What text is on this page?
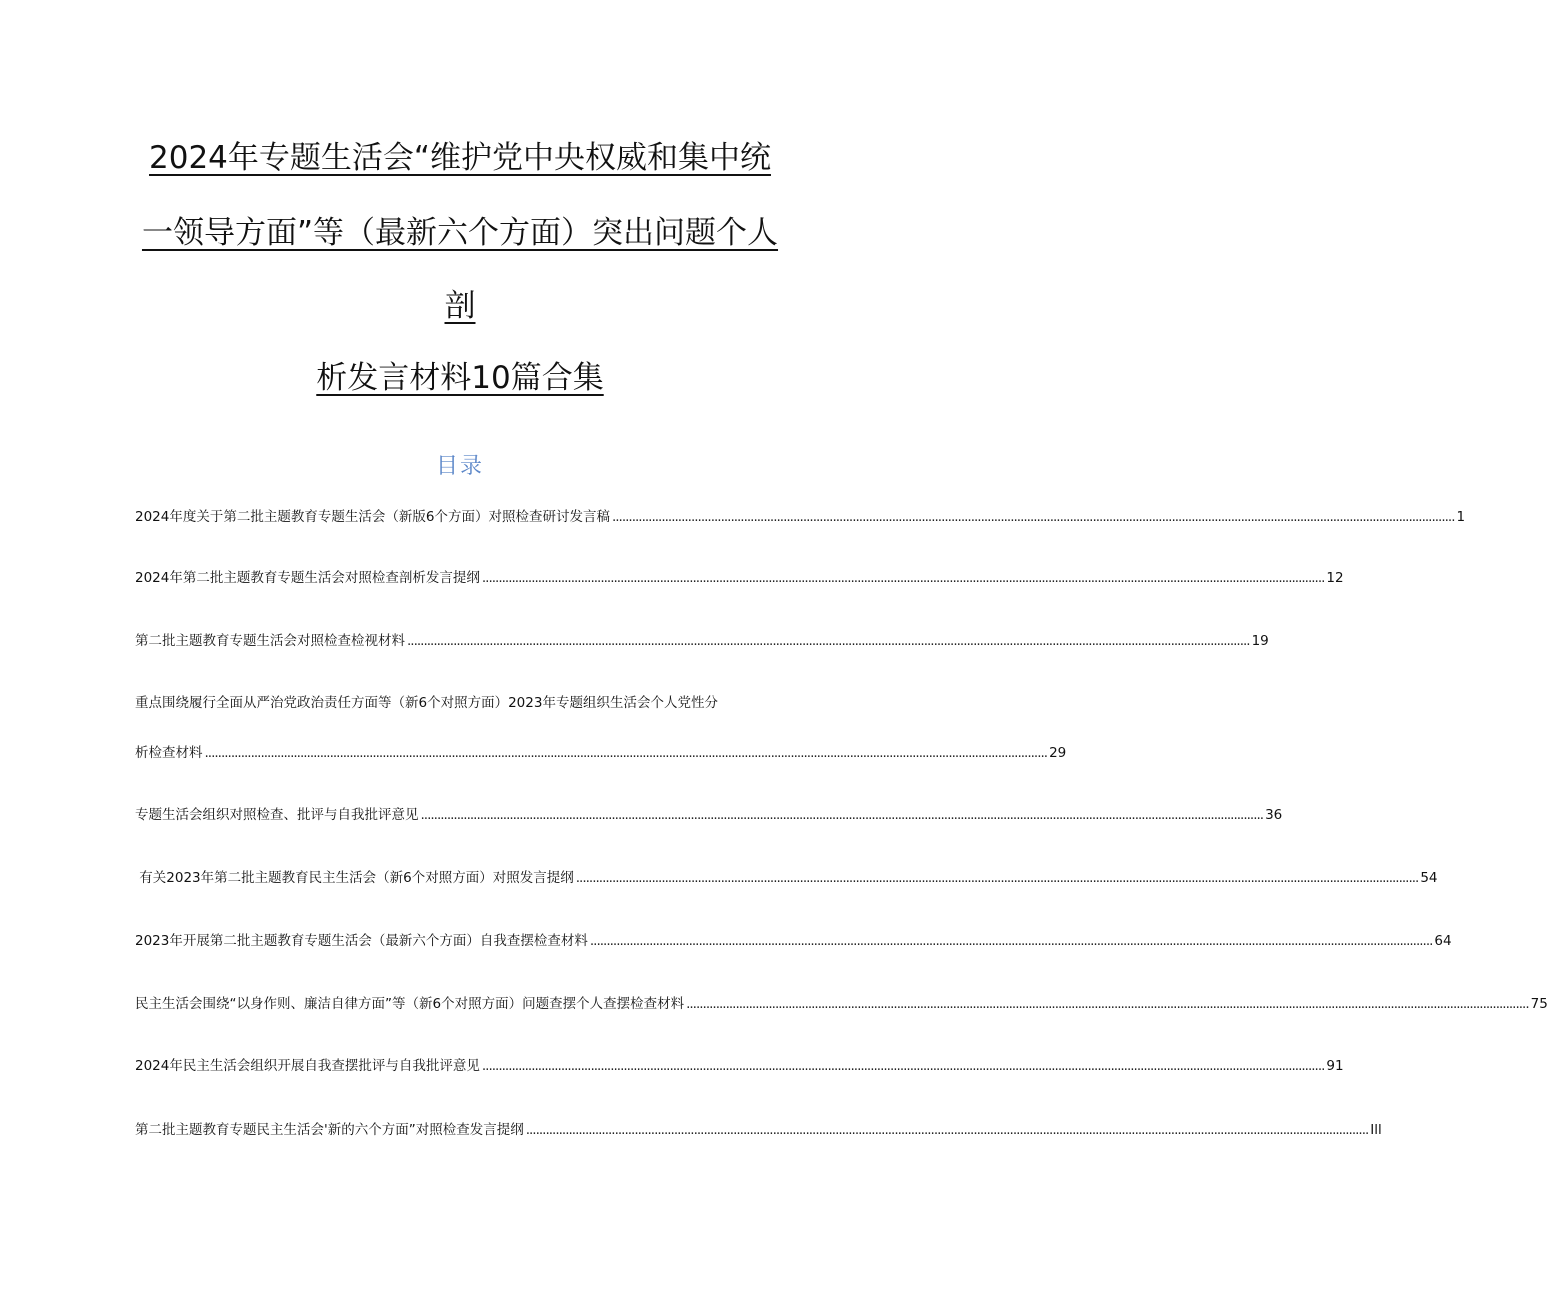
2024年专题生活会“维护党中央权威和集中统
一领导方面”等（最新六个方面）突出问题个人
剖
析发言材料10篇合集
目录
2024年度关于第二批主题教育专题生活会（新版6个方面）对照检查研讨发言稿 .....	1
2024年第二批主题教育专题生活会对照检查剖析发言提纲 .....	12
第二批主题教育专题生活会对照检查检视材料 .....	19
重点围绕履行全面从严治党政治责任方面等（新6个对照方面）2023年专题组织生活会个人党性分
析检查材料 .....	29
专题生活会组织对照检查、批评与自我批评意见 .....	36
有关2023年第二批主题教育民主生活会（新6个对照方面）对照发言提纲 .....	54
2023年开展第二批主题教育专题生活会（最新六个方面）自我查摆检查材料 .....	64
民主生活会围绕“以身作则、廉洁自律方面”等（新6个对照方面）问题查摆个人查摆检查材料 .....	75
2024年民主生活会组织开展自我查摆批评与自我批评意见 .....	91
第二批主题教育专题民主生活会'新的六个方面”对照检查发言提纲 .....	Ill
